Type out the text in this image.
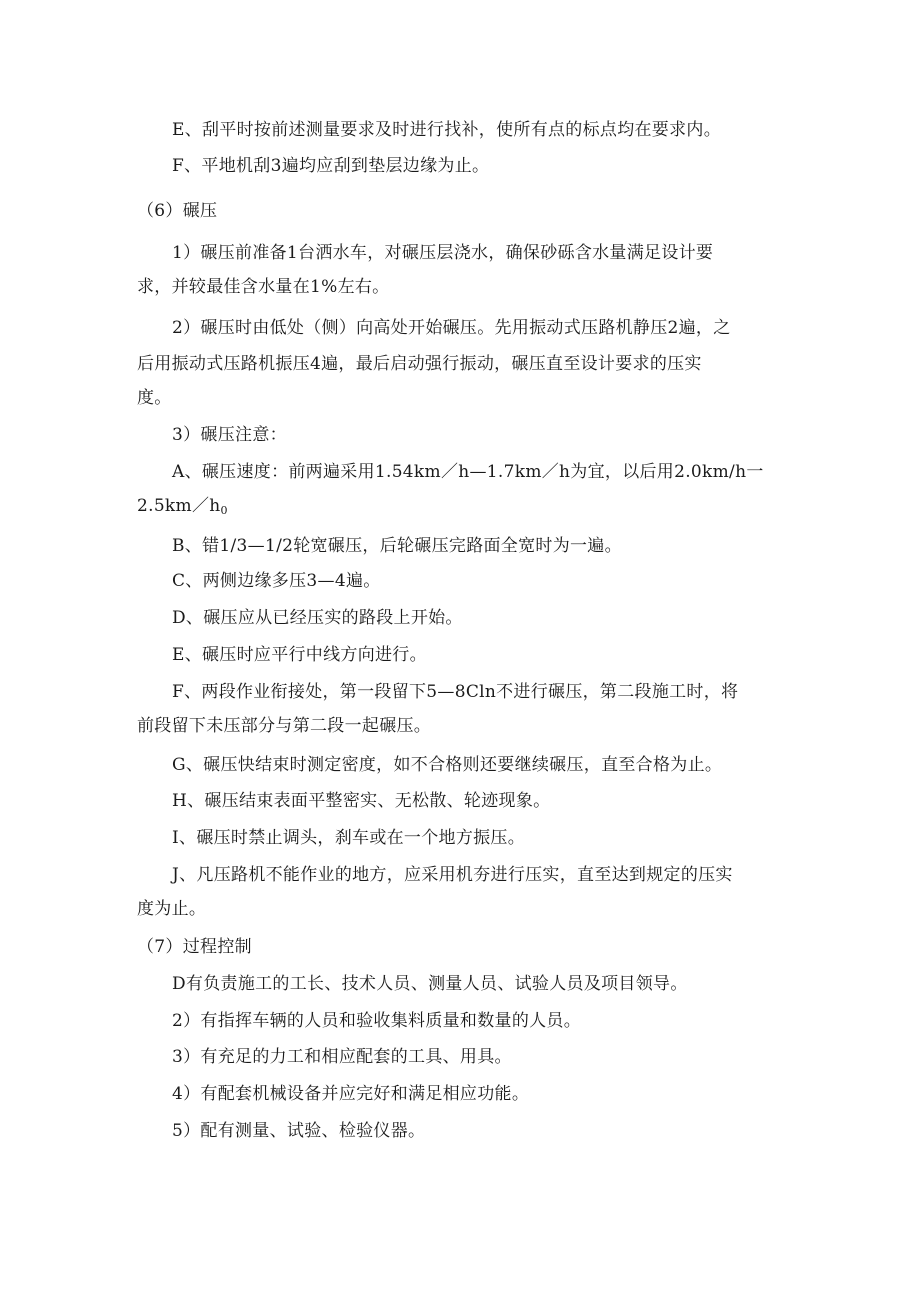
E、刮平时按前述测量要求及时进行找补，使所有点的标点均在要求内。
F、平地机刮3遍均应刮到垫层边缘为止。
（6）碾压
1）碾压前准备1台洒水车，对碾压层浇水，确保砂砾含水量满足设计要
求，并较最佳含水量在1%左右。
2）碾压时由低处（侧）向高处开始碾压。先用振动式压路机静压2遍，之
后用振动式压路机振压4遍，最后启动强行振动，碾压直至设计要求的压实
度。
3）碾压注意：
A、碾压速度：前两遍采用1.54km／h—1.7km／h为宜，以后用2.0km/h一
$2.5km/h_0$
B、错1/3—1/2轮宽碾压，后轮碾压完路面全宽时为一遍。
C、两侧边缘多压3—4遍。
D、碾压应从已经压实的路段上开始。
E、碾压时应平行中线方向进行。
F、两段作业衔接处，第一段留下5—8Cln不进行碾压，第二段施工时，将
前段留下未压部分与第二段一起碾压。
G、碾压快结束时测定密度，如不合格则还要继续碾压，直至合格为止。
H、碾压结束表面平整密实、无松散、轮迹现象。
I、碾压时禁止调头，刹车或在一个地方振压。
J、凡压路机不能作业的地方，应采用机夯进行压实，直至达到规定的压实
度为止。
（7）过程控制
D有负责施工的工长、技术人员、测量人员、试验人员及项目领导。
2）有指挥车辆的人员和验收集料质量和数量的人员。
3）有充足的力工和相应配套的工具、用具。
4）有配套机械设备并应完好和满足相应功能。
5）配有测量、试验、检验仪器。
